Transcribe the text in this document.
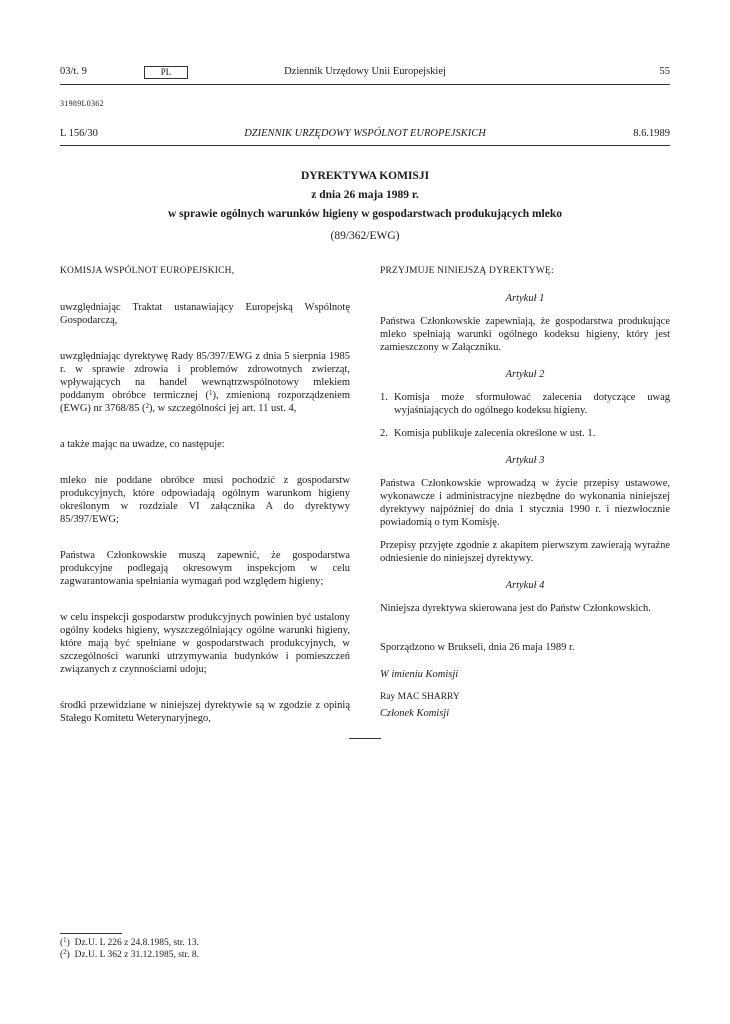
03/t. 9	PL	Dziennik Urzędowy Unii Europejskiej	55
31989L0362
L 156/30	DZIENNIK URZĘDOWY WSPÓLNOT EUROPEJSKICH	8.6.1989
DYREKTYWA KOMISJI
z dnia 26 maja 1989 r.
w sprawie ogólnych warunków higieny w gospodarstwach produkujących mleko
(89/362/EWG)

KOMISJA WSPÓLNOT EUROPEJSKICH,

uwzględniając Traktat ustanawiający Europejską Wspólnotę Gospodarczą,

uwzględniając dyrektywę Rady 85/397/EWG z dnia 5 sierpnia 1985 r. w sprawie zdrowia i problemów zdrowotnych zwierząt, wpływających na handel wewnątrzwspólnotowy mlekiem poddanym obróbce termicznej ($^1$), zmienioną rozporządzeniem (EWG) nr 3768/85 ($^2$), w szczególności jej art. 11 ust. 4,

a także mając na uwadze, co następuje:

mleko nie poddane obróbce musi pochodzić z gospodarstw produkcyjnych, które odpowiadają ogólnym warunkom higieny określonym w rozdziale VI załącznika A do dyrektywy 85/397/EWG;

Państwa Członkowskie muszą zapewnić, że gospodarstwa produkcyjne podlegają okresowym inspekcjom w celu zagwarantowania spełniania wymagań pod względem higieny;

w celu inspekcji gospodarstw produkcyjnych powinien być ustalony ogólny kodeks higieny, wyszczególniający ogólne warunki higieny, które mają być spełniane w gospodarstwach produkcyjnych, w szczególności warunki utrzymywania budynków i pomieszczeń związanych z czynnościami udoju;

środki przewidziane w niniejszej dyrektywie są w zgodzie z opinią Stałego Komitetu Weterynaryjnego,

PRZYJMUJE NINIEJSZĄ DYREKTYWĘ:

Artykuł 1

Państwa Członkowskie zapewniają, że gospodarstwa produkujące mleko spełniają warunki ogólnego kodeksu higieny, który jest zamieszczony w Załączniku.

Artykuł 2
1. Komisja może sformułować zalecenia dotyczące uwag wyjaśniających do ogólnego kodeksu higieny.
2. Komisja publikuje zalecenia określone w ust. 1.
Artykuł 3

Państwa Członkowskie wprowadzą w życie przepisy ustawowe, wykonawcze i administracyjne niezbędne do wykonania niniejszej dyrektywy najpóźniej do dnia 1 stycznia 1990 r. i niezwłocznie powiadomią o tym Komisję.

Przepisy przyjęte zgodnie z akapitem pierwszym zawierają wyraźne odniesienie do niniejszej dyrektywy.

Artykuł 4

Niniejsza dyrektywa skierowana jest do Państw Członkowskich.

Sporządzono w Brukseli, dnia 26 maja 1989 r.

W imieniu Komisji

Ray MAC SHARRY

Członek Komisji

($^1$)  Dz.U. L 226 z 24.8.1985, str. 13.
($^2$)  Dz.U. L 362 z 31.12.1985, str. 8.
